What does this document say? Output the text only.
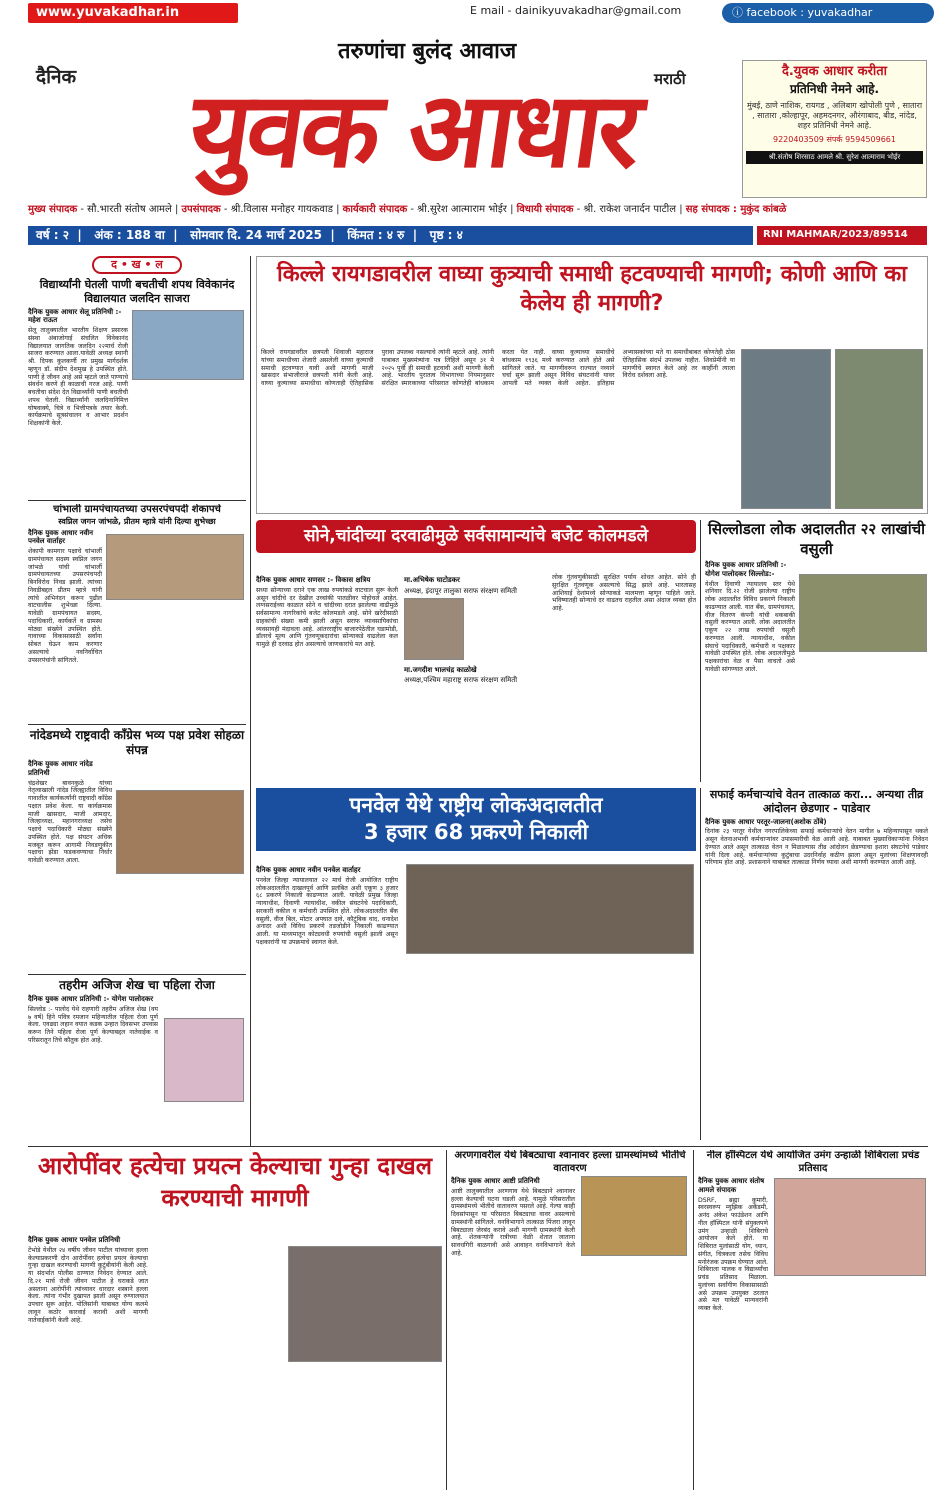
www.yuvakadhar.in	E mail - dainikyuvakadhar@gmail.com	ⓘ facebook : yuvakadhar
तरुणांचा बुलंद आवाज
दैनिक	मराठी
युवक आधार	दै.युवक आधार करीता
प्रतिनिधी नेमने आहे.
मुंबई, ठाणे नाशिक, रायगड , अलिबाग खोपोली पुणे , सातारा , सातारा ,कोल्हापूर, अहमदनगर, औरंगाबाद, बीड, नांदेड, शहर प्रतिनिधी नेमने आहे.
9220403509 संपर्क 9594509661
श्री.संतोष शिरसाठ आमले श्री. सुरेश आत्माराम भोईर
मुख्य संपादक - सौ.भारती संतोष आमले | उपसंपादक - श्री.विलास मनोहर गायकवाड | कार्यकारी संपादक - श्री.सुरेश आत्माराम भोईर | विधायी संपादक - श्री. राकेश जनार्दन पाटील | सह संपादक : मुकुंद कांबळे
वर्ष : २  |   अंक : 188 वा  |   सोमवार दि. 24 मार्च 2025  |   किंमत : ४ रु  |   पृष्ठ : ४	RNI MAHMAR/2023/89514
द • ख • ल
विद्यार्थ्यांनी घेतली पाणी बचतीची शपथ विवेकानंद विद्यालयात जलदिन साजरा
दैनिक युवक आधार सेलू प्रतिनिधी :- महेश राऊत
सेलू तालुक्यातील भारतीय शिक्षण प्रसारक संस्था अंबाजोगाई संचलित विवेकानंद विद्यालयात जागतिक जलदिन २२मार्च रोजी साजरा करण्यात आला.यावेळी अध्यक्ष स्थानी श्री. दिपक कुलकर्णी तर प्रमुख मार्गदर्शक म्हणून डॉ. संदीप देशमुख हे उपस्थित होते. पाणी हे जीवन आहे असे म्हटले जाते पाण्याचे संवर्धन करणे ही काळाची गरज आहे. पाणी बचतीचा संदेश देत विद्यार्थ्यांनी पाणी बचतीची शपथ घेतली. विद्यार्थ्यांनी जलदिनानिमित्त घोषवाक्ये, चित्रे व भित्तीपत्रके तयार केली. कार्यक्रमाचे सूत्रसंचालन व आभार प्रदर्शन शिक्षकांनी केले.
चांभार्ली ग्रामपंचायतच्या उपसरपंचपदी शेकापचे
स्वप्निल जगन जांभळे, प्रीतम म्हात्रे यांनी दिल्या शुभेच्छा
दैनिक युवक आधार नवीन पनवेल वार्ताहर
शेकापी कामगार पक्षाचे चांभार्ली ग्रामपंचायत सदस्य स्वप्निल जगन जांभळे यांची चांभार्ली ग्रामपंचायतच्या उपसरपंचपदी बिनविरोध निवड झाली. त्यांच्या निवडीबद्दल प्रीतम म्हात्रे यांनी त्यांचे अभिनंदन करून पुढील वाटचालीस शुभेच्छा दिल्या. यावेळी ग्रामपंचायत सदस्य, पदाधिकारी, कार्यकर्ते व ग्रामस्थ मोठ्या संख्येने उपस्थित होते. गावाच्या विकासासाठी सर्वांना सोबत घेऊन काम करणार असल्याचे नवनिर्वाचित उपसरपंचांनी सांगितले.
नांदेडमध्ये राष्ट्रवादी काँग्रेस भव्य पक्ष प्रवेश सोहळा संपन्न
दैनिक युवक आधार नांदेड प्रतिनिधी
चंद्रशेखर बावनकुळे यांच्या नेतृत्वाखाली नांदेड जिल्ह्यातील विविध गावातील कार्यकर्त्यांनी राष्ट्रवादी काँग्रेस पक्षात प्रवेश केला. या कार्यक्रमास माजी खासदार, माजी आमदार, जिल्हाध्यक्ष, महानगराध्यक्ष तसेच पक्षाचे पदाधिकारी मोठ्या संख्येने उपस्थित होते. पक्ष संघटन अधिक मजबूत करून आगामी निवडणुकीत पक्षाचा झेंडा फडकवण्याचा निर्धार यावेळी करण्यात आला.
तहरीम अजिज शेख चा पहिला रोजा
दैनिक युवक आधार प्रतिनिधी :- योगेश पालोदकर
सिल्लोड :- पालोद येथे राहणारी तहरीम अजिज शेख (वय ७ वर्ष) हिने पवित्र रमजान महिन्यातील पहिला रोजा पूर्ण केला. एवढ्या लहान वयात कडक उन्हात दिवसभर उपवास करून तिने पहिला रोजा पूर्ण केल्याबद्दल नातेवाईक व परिसरातून तिचे कौतुक होत आहे.
किल्ले रायगडावरील वाघ्या कुत्र्याची समाधी हटवण्याची मागणी; कोणी आणि का केलेय ही मागणी?
किल्ले रायगडावरील छत्रपती शिवाजी महाराज यांच्या समाधीच्या शेजारी असलेली वाघ्या कुत्र्याची समाधी हटवण्यात यावी अशी मागणी माजी खासदार संभाजीराजे छत्रपती यांनी केली आहे. वाघ्या कुत्र्याच्या समाधीचा कोणताही ऐतिहासिक पुरावा उपलब्ध नसल्याचे त्यांनी म्हटले आहे. त्यांनी याबाबत मुख्यमंत्र्यांना पत्र लिहिले असून ३१ मे २०२५ पूर्वी ही समाधी हटवावी अशी मागणी केली आहे. भारतीय पुरातत्व विभागाच्या नियमानुसार संरक्षित स्मारकाच्या परिसरात कोणतेही बांधकाम करता येत नाही. वाघ्या कुत्र्याच्या समाधीचे बांधकाम १९३६ मध्ये करण्यात आले होते असे सांगितले जाते. या मागणीवरून राज्यात नव्याने चर्चा सुरू झाली असून विविध संघटनांनी यावर आपली मते व्यक्त केली आहेत. इतिहास अभ्यासकांच्या मते या समाधीबाबत कोणतेही ठोस ऐतिहासिक संदर्भ उपलब्ध नाहीत. शिवप्रेमींनी या मागणीचे स्वागत केले आहे तर काहींनी त्याला विरोध दर्शवला आहे.
सोने,चांदीच्या दरवाढीमुळे सर्वसामान्यांचे बजेट कोलमडले
दैनिक युवक आधार सणसर :- विकास क्षत्रिय
सध्या सोन्याच्या दराने एक लाख रुपयांकडे वाटचाल सुरू केली असून चांदीचे दर देखील उच्चांकी पातळीवर पोहोचले आहेत. लग्नसराईच्या काळात सोने व चांदीच्या दरात झालेल्या वाढीमुळे सर्वसामान्य नागरिकांचे बजेट कोलमडले आहे. सोने खरेदीसाठी ग्राहकांची संख्या कमी झाली असून सराफ व्यावसायिकांचा व्यवसायही मंदावला आहे. आंतरराष्ट्रीय बाजारपेठेतील घडामोडी, डॉलरचे मूल्य आणि गुंतवणूकदारांचा सोन्याकडे वाढलेला कल यामुळे ही दरवाढ होत असल्याचे जाणकारांचे मत आहे.
मा.अभिषेक घाटोडकर
अध्यक्ष, इंदापूर तालुका सराफ संरक्षण समिती
मा.जगदीश भालचंद्र काळोखे
अध्यक्ष,पश्चिम महाराष्ट्र सराफ संरक्षण समिती
लोक गुंतवणुकीसाठी सुरक्षित पर्याय शोधत आहेत. सोने ही सुरक्षित गुंतवणूक असल्याचे सिद्ध झाले आहे. भारतासह आशियाई देशांमध्ये सोन्याकडे मालमत्ता म्हणून पाहिले जाते. भविष्यातही सोन्याचे दर वाढतच राहतील असा अंदाज व्यक्त होत आहे.
सिल्लोडला लोक अदालतीत २२ लाखांची वसुली
दैनिक युवक आधार प्रतिनिधी :- योगेश पालोदकर सिल्लोड:-
येथील दिवाणी न्यायालय स्तर येथे शनिवार दि.२२ रोजी झालेल्या राष्ट्रीय लोक अदालतीत विविध प्रकरणे निकाली काढण्यात आली. यात बँक, ग्रामपंचायत, वीज वितरण कंपनी यांची थकबाकी वसुली करण्यात आली. लोक अदालतीत एकूण २२ लाख रुपयांची वसुली करण्यात आली. न्यायाधीश, वकील संघाचे पदाधिकारी, कर्मचारी व पक्षकार यावेळी उपस्थित होते. लोक अदालतीमुळे पक्षकारांचा वेळ व पैसा वाचतो असे यावेळी सांगण्यात आले.
पनवेल येथे राष्ट्रीय लोकअदालतीत
3 हजार 68 प्रकरणे निकाली
दैनिक युवक आधार नवीन पनवेल वार्ताहर
पनवेल जिल्हा न्यायालयात २२ मार्च रोजी आयोजित राष्ट्रीय लोकअदालतीत दाखलपूर्व आणि प्रलंबित अशी एकूण ३ हजार ६८ प्रकरणे निकाली काढण्यात आली. यावेळी प्रमुख जिल्हा न्यायाधीश, दिवाणी न्यायाधीश, वकील संघटनेचे पदाधिकारी, सरकारी वकील व कर्मचारी उपस्थित होते. लोकअदालतीत बँक वसुली, वीज बिल, मोटार अपघात दावे, कौटुंबिक वाद, धनादेश अनादर अशी विविध प्रकरणे तडजोडीने निकाली काढण्यात आली. या माध्यमातून कोट्यवधी रुपयांची वसुली झाली असून पक्षकारांनी या उपक्रमाचे स्वागत केले.
सफाई कर्मचाऱ्यांचे वेतन तात्काळ करा... अन्यथा तीव्र आंदोलन छेडणार - पाडेवार
दैनिक युवक आधार परतूर-जालना(अशोक ठोंबे)
दिनांक २३ परतूर येथील नगरपालिकेच्या सफाई कर्मचाऱ्यांचे वेतन मागील ७ महिन्यापासून थकले असून वेतनाअभावी कर्मचाऱ्यांवर उपासमारीची वेळ आली आहे. याबाबत मुख्याधिकाऱ्यांना निवेदन देण्यात आले असून तात्काळ वेतन न मिळाल्यास तीव्र आंदोलन छेडण्याचा इशारा संघटनेचे पाडेवार यांनी दिला आहे. कर्मचाऱ्यांच्या कुटुंबाचा उदरनिर्वाह कठीण झाला असून मुलांच्या शिक्षणावरही परिणाम होत आहे. प्रशासनाने याबाबत तात्काळ निर्णय घ्यावा अशी मागणी करण्यात आली आहे.
आरोपींवर हत्येचा प्रयत्न केल्याचा गुन्हा दाखल करण्याची मागणी
दैनिक युवक आधार पनवेल प्रतिनिधी
टेंभोडे येथील २४ वर्षीय जीवन पाटील यांच्यावर हल्ला केल्याप्रकरणी दोन आरोपींवर हत्येचा प्रयत्न केल्याचा गुन्हा दाखल करण्याची मागणी कुटुंबीयांनी केली आहे. या संदर्भात पोलीस ठाण्यात निवेदन देण्यात आले. दि.२१ मार्च रोजी जीवन पाटील हे घराकडे जात असताना आरोपींनी त्यांच्यावर धारदार शस्त्राने हल्ला केला. त्यांना गंभीर दुखापत झाली असून रुग्णालयात उपचार सुरू आहेत. पोलिसांनी याबाबत योग्य कलमे लावून कठोर कारवाई करावी अशी मागणी नातेवाईकांनी केली आहे.
अरणगावरील येथे बिबट्याचा श्वानावर हल्ला ग्रामस्थांमध्ये भीतीचे वातावरण
दैनिक युवक आधार आष्टी प्रतिनिधी
आष्टी तालुक्यातील अरणगाव येथे बिबट्याने श्वानावर हल्ला केल्याची घटना घडली आहे. यामुळे परिसरातील ग्रामस्थांमध्ये भीतीचे वातावरण पसरले आहे. गेल्या काही दिवसांपासून या परिसरात बिबट्याचा वावर असल्याचे ग्रामस्थांनी सांगितले. वनविभागाने तात्काळ पिंजरा लावून बिबट्याला जेरबंद करावे अशी मागणी ग्रामस्थांनी केली आहे. शेतकऱ्यांनी रात्रीच्या वेळी शेतात जाताना सावधगिरी बाळगावी असे आवाहन वनविभागाने केले आहे.
नील हॉस्पिटल येथे आयोजित उमंग उन्हाळी शिबिराला प्रचंड प्रतिसाद
दैनिक युवक आधार संतोष आमले संपादक
DSRF, ब्रह्मा कुमारी, स्वरस्वरूप म्युझिक अकॅडमी, अनंद अंकेश फाउंडेशन आणि नील हॉस्पिटल यांनी संयुक्तपणे उमंग उन्हाळी शिबिराचे आयोजन केले होते. या शिबिरात मुलांसाठी योग, ध्यान, संगीत, चित्रकला तसेच विविध मनोरंजक उपक्रम घेण्यात आले. शिबिराला पालक व विद्यार्थ्यांचा प्रचंड प्रतिसाद मिळाला. मुलांच्या सर्वांगीण विकासासाठी असे उपक्रम उपयुक्त ठरतात असे मत यावेळी मान्यवरांनी व्यक्त केले.
